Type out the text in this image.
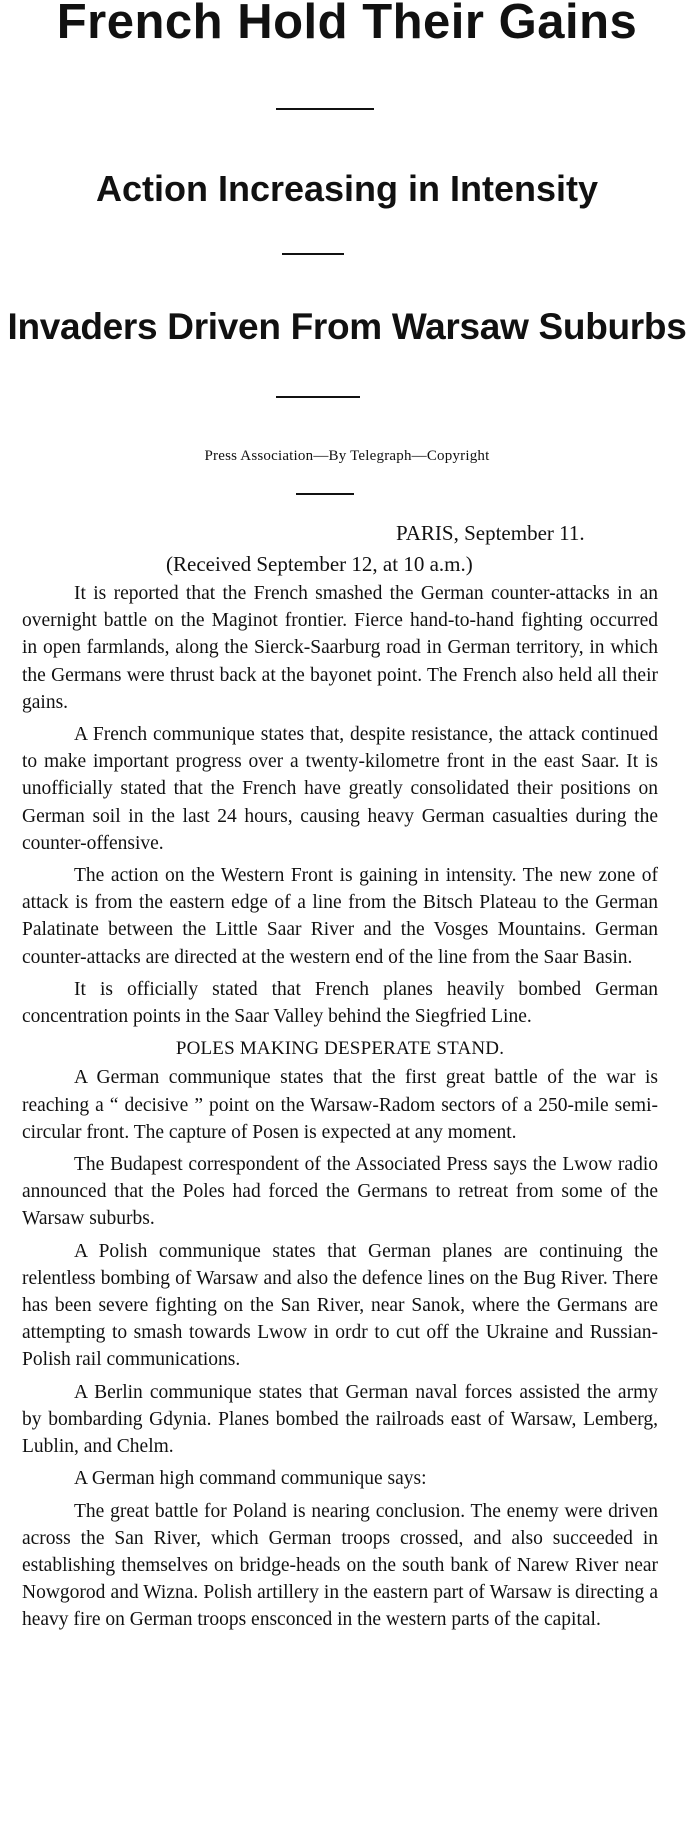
French Hold Their Gains
Action Increasing in Intensity
Invaders Driven From Warsaw Suburbs
Press Association—By Telegraph—Copyright
PARIS, September 11.
(Received September 12, at 10 a.m.)

It is reported that the French smashed the German counter-attacks in an overnight battle on the Maginot frontier. Fierce hand-to-hand fighting occurred in open farmlands, along the Sierck-Saarburg road in German territory, in which the Germans were thrust back at the bayonet point. The French also held all their gains.

A French communique states that, despite resistance, the attack continued to make important progress over a twenty-kilometre front in the east Saar. It is unofficially stated that the French have greatly consolidated their positions on German soil in the last 24 hours, causing heavy German casualties during the counter-offensive.

The action on the Western Front is gaining in intensity. The new zone of attack is from the eastern edge of a line from the Bitsch Plateau to the German Palatinate between the Little Saar River and the Vosges Mountains. German counter-attacks are directed at the western end of the line from the Saar Basin.

It is officially stated that French planes heavily bombed German concentration points in the Saar Valley behind the Siegfried Line.

POLES MAKING DESPERATE STAND.

A German communique states that the first great battle of the war is reaching a “ decisive ” point on the Warsaw-Radom sectors of a 250-mile semi-circular front. The capture of Posen is expected at any moment.

The Budapest correspondent of the Associated Press says the Lwow radio announced that the Poles had forced the Germans to retreat from some of the Warsaw suburbs.

A Polish communique states that German planes are continuing the relentless bombing of Warsaw and also the defence lines on the Bug River. There has been severe fighting on the San River, near Sanok, where the Germans are attempting to smash towards Lwow in ordr to cut off the Ukraine and Russian-Polish rail communications.

A Berlin communique states that German naval forces assisted the army by bombarding Gdynia. Planes bombed the railroads east of Warsaw, Lemberg, Lublin, and Chelm.

A German high command communique says:

The great battle for Poland is nearing conclusion. The enemy were driven across the San River, which German troops crossed, and also succeeded in establishing themselves on bridge-heads on the south bank of Narew River near Nowgorod and Wizna. Polish artillery in the eastern part of Warsaw is directing a heavy fire on German troops ensconced in the western parts of the capital.
